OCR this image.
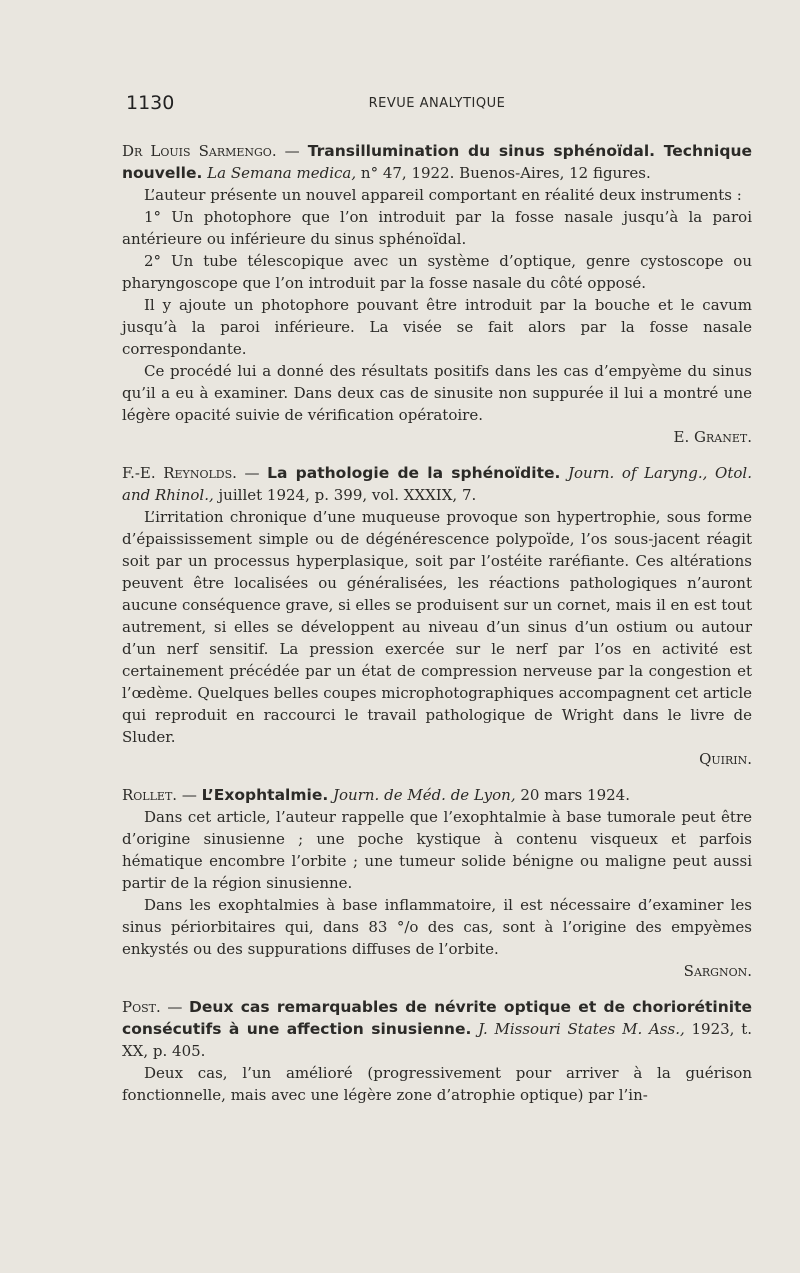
1130	REVUE ANALYTIQUE

Dr Louis Sarmengo. — Transillumination du sinus sphénoïdal. Technique nouvelle. La Semana medica, n° 47, 1922. Buenos-Aires, 12 figures.

L’auteur présente un nouvel appareil comportant en réalité deux instruments :

1° Un photophore que l’on introduit par la fosse nasale jusqu’à la paroi antérieure ou inférieure du sinus sphénoïdal.

2° Un tube télescopique avec un système d’optique, genre cystoscope ou pharyngoscope que l’on introduit par la fosse nasale du côté opposé.

Il y ajoute un photophore pouvant être introduit par la bouche et le cavum jusqu’à la paroi inférieure. La visée se fait alors par la fosse nasale correspondante.

Ce procédé lui a donné des résultats positifs dans les cas d’empyème du sinus qu’il a eu à examiner. Dans deux cas de sinusite non suppurée il lui a montré une légère opacité suivie de vérification opératoire.

E. Granet.

F.-E. Reynolds. — La pathologie de la sphénoïdite. Journ. of Laryng., Otol. and Rhinol., juillet 1924, p. 399, vol. XXXIX, 7.

L’irritation chronique d’une muqueuse provoque son hypertrophie, sous forme d’épaississement simple ou de dégénérescence polypoïde, l’os sous-jacent réagit soit par un processus hyperplasique, soit par l’ostéite raréfiante. Ces altérations peuvent être localisées ou généralisées, les réactions pathologiques n’auront aucune conséquence grave, si elles se produisent sur un cornet, mais il en est tout autrement, si elles se développent au niveau d’un sinus d’un ostium ou autour d’un nerf sensitif. La pression exercée sur le nerf par l’os en activité est certainement précédée par un état de compression nerveuse par la congestion et l’œdème. Quelques belles coupes microphotographiques accompagnent cet article qui reproduit en raccourci le travail pathologique de Wright dans le livre de Sluder.

Quirin.

Rollet. — L’Exophtalmie. Journ. de Méd. de Lyon, 20 mars 1924.

Dans cet article, l’auteur rappelle que l’exophtalmie à base tumorale peut être d’origine sinusienne ; une poche kystique à contenu visqueux et parfois hématique encombre l’orbite ; une tumeur solide bénigne ou maligne peut aussi partir de la région sinusienne.

Dans les exophtalmies à base inflammatoire, il est nécessaire d’examiner les sinus périorbitaires qui, dans 83 °/o des cas, sont à l’origine des empyèmes enkystés ou des suppurations diffuses de l’orbite.

Sargnon.

Post. — Deux cas remarquables de névrite optique et de choriorétinite consécutifs à une affection sinusienne. J. Missouri States M. Ass., 1923, t. XX, p. 405.

Deux cas, l’un amélioré (progressivement pour arriver à la guérison fonctionnelle, mais avec une légère zone d’atrophie optique) par l’in-
